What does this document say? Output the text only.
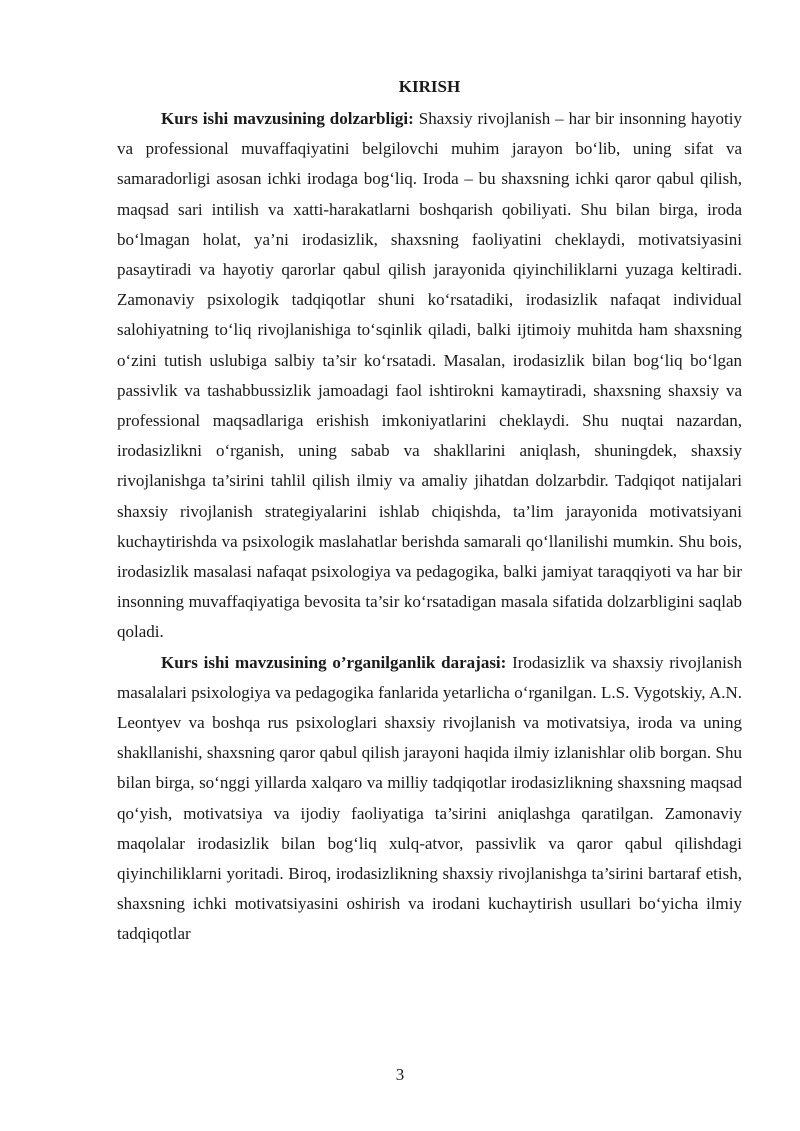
KIRISH

Kurs ishi mavzusining dolzarbligi: Shaxsiy rivojlanish – har bir insonning hayotiy va professional muvaffaqiyatini belgilovchi muhim jarayon bo‘lib, uning sifat va samaradorligi asosan ichki irodaga bog‘liq. Iroda – bu shaxsning ichki qaror qabul qilish, maqsad sari intilish va xatti-harakatlarni boshqarish qobiliyati. Shu bilan birga, iroda bo‘lmagan holat, ya’ni irodasizlik, shaxsning faoliyatini cheklaydi, motivatsiyasini pasaytiradi va hayotiy qarorlar qabul qilish jarayonida qiyinchiliklarni yuzaga keltiradi. Zamonaviy psixologik tadqiqotlar shuni ko‘rsatadiki, irodasizlik nafaqat individual salohiyatning to‘liq rivojlanishiga to‘sqinlik qiladi, balki ijtimoiy muhitda ham shaxsning o‘zini tutish uslubiga salbiy ta’sir ko‘rsatadi. Masalan, irodasizlik bilan bog‘liq bo‘lgan passivlik va tashabbussizlik jamoadagi faol ishtirokni kamaytiradi, shaxsning shaxsiy va professional maqsadlariga erishish imkoniyatlarini cheklaydi. Shu nuqtai nazardan, irodasizlikni o‘rganish, uning sabab va shakllarini aniqlash, shuningdek, shaxsiy rivojlanishga ta’sirini tahlil qilish ilmiy va amaliy jihatdan dolzarbdir. Tadqiqot natijalari shaxsiy rivojlanish strategiyalarini ishlab chiqishda, ta’lim jarayonida motivatsiyani kuchaytirishda va psixologik maslahatlar berishda samarali qo‘llanilishi mumkin. Shu bois, irodasizlik masalasi nafaqat psixologiya va pedagogika, balki jamiyat taraqqiyoti va har bir insonning muvaffaqiyatiga bevosita ta’sir ko‘rsatadigan masala sifatida dolzarbligini saqlab qoladi.

Kurs ishi mavzusining o’rganilganlik darajasi: Irodasizlik va shaxsiy rivojlanish masalalari psixologiya va pedagogika fanlarida yetarlicha o‘rganilgan. L.S. Vygotskiy, A.N. Leontyev va boshqa rus psixologlari shaxsiy rivojlanish va motivatsiya, iroda va uning shakllanishi, shaxsning qaror qabul qilish jarayoni haqida ilmiy izlanishlar olib borgan. Shu bilan birga, so‘nggi yillarda xalqaro va milliy tadqiqotlar irodasizlikning shaxsning maqsad qo‘yish, motivatsiya va ijodiy faoliyatiga ta’sirini aniqlashga qaratilgan. Zamonaviy maqolalar irodasizlik bilan bog‘liq xulq-atvor, passivlik va qaror qabul qilishdagi qiyinchiliklarni yoritadi. Biroq, irodasizlikning shaxsiy rivojlanishga ta’sirini bartaraf etish, shaxsning ichki motivatsiyasini oshirish va irodani kuchaytirish usullari bo‘yicha ilmiy tadqiqotlar

3
